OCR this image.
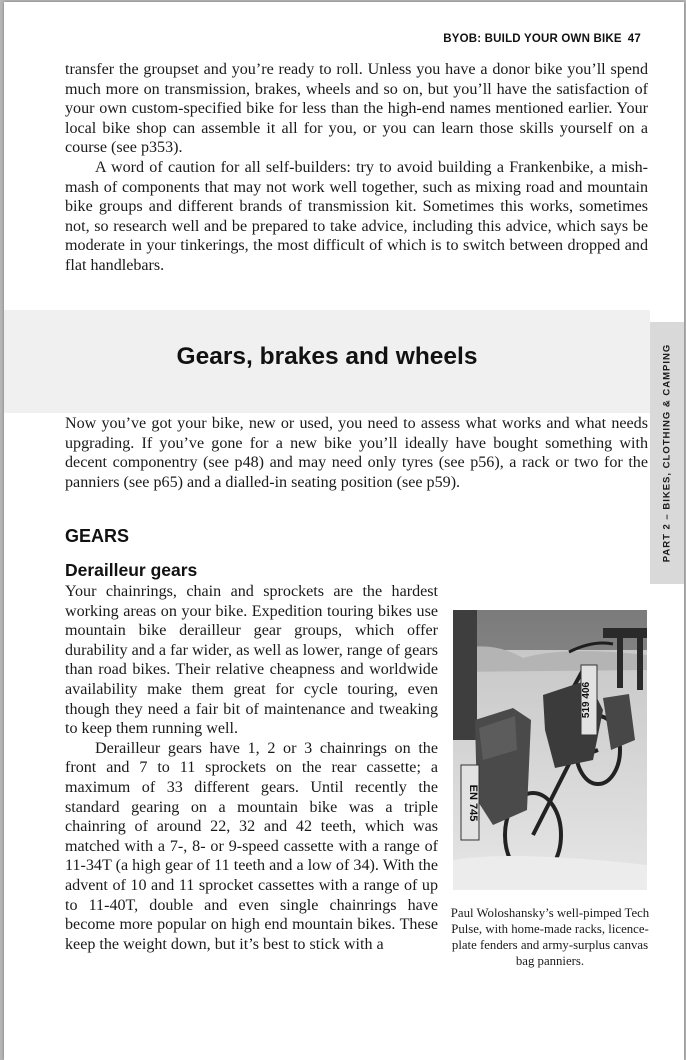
BYOB: BUILD YOUR OWN BIKE 47

transfer the groupset and you’re ready to roll. Unless you have a donor bike you’ll spend much more on transmission, brakes, wheels and so on, but you’ll have the satisfaction of your own custom-specified bike for less than the high-end names mentioned earlier. Your local bike shop can assemble it all for you, or you can learn those skills yourself on a course (see p353).

A word of caution for all self-builders: try to avoid building a Frankenbike, a mish-mash of components that may not work well together, such as mixing road and mountain bike groups and different brands of transmission kit. Sometimes this works, sometimes not, so research well and be prepared to take advice, including this advice, which says be moderate in your tinkerings, the most difficult of which is to switch between dropped and flat handlebars.

Gears, brakes and wheels

Now you’ve got your bike, new or used, you need to assess what works and what needs upgrading. If you’ve gone for a new bike you’ll ideally have bought something with decent componentry (see p48) and may need only tyres (see p56), a rack or two for the panniers (see p65) and a dialled-in seating position (see p59).

GEARS
Derailleur gears

Your chainrings, chain and sprockets are the hardest working areas on your bike. Expedition touring bikes use mountain bike derailleur gear groups, which offer durability and a far wider, as well as lower, range of gears than road bikes. Their relative cheapness and worldwide availability make them great for cycle touring, even though they need a fair bit of maintenance and tweaking to keep them running well.

Derailleur gears have 1, 2 or 3 chainrings on the front and 7 to 11 sprockets on the rear cassette; a maximum of 33 different gears. Until recently the standard gearing on a mountain bike was a triple chainring of around 22, 32 and 42 teeth, which was matched with a 7-, 8- or 9-speed cassette with a range of 11-34T (a high gear of 11 teeth and a low of 34). With the advent of 10 and 11 sprocket cassettes with a range of up to 11-40T, double and even single chainrings have become more popular on high end mountain bikes. These keep the weight down, but it’s best to stick with a

PART 2 – BIKES, CLOTHING & CAMPING
519 406
EN 745

Paul Woloshansky’s well-pimped Tech Pulse, with home-made racks, licence-plate fenders and army-surplus canvas bag panniers.
